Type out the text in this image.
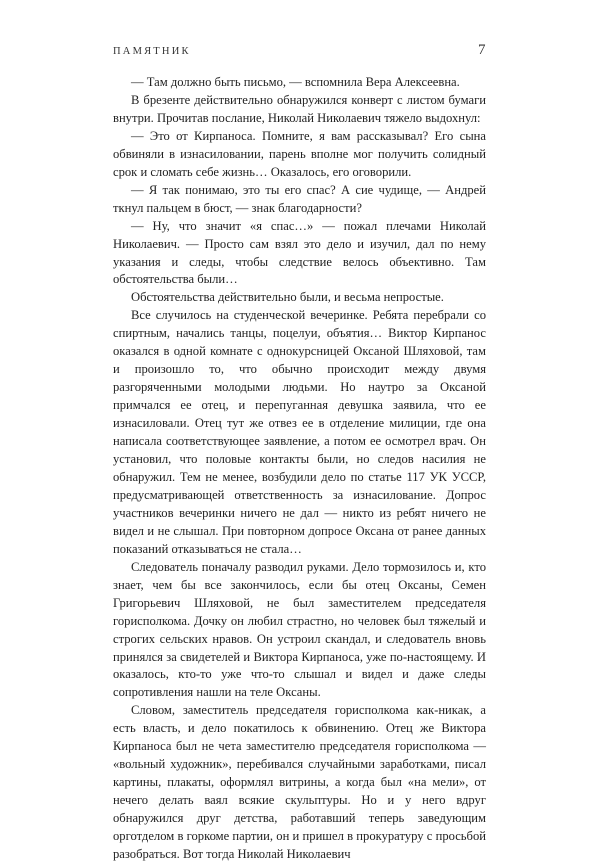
ПАМЯТНИК	7

— Там должно быть письмо, — вспомнила Вера Алексеевна.

В брезенте действительно обнаружился конверт с листом бумаги внутри. Прочитав послание, Николай Николаевич тяжело выдохнул:

— Это от Кирпаноса. Помните, я вам рассказывал? Его сына обвиняли в изнасиловании, парень вполне мог получить солидный срок и сломать себе жизнь… Оказалось, его оговорили.

— Я так понимаю, это ты его спас? А сие чудище, — Андрей ткнул пальцем в бюст, — знак благодарности?

— Ну, что значит «я спас…» — пожал плечами Николай Николаевич. — Просто сам взял это дело и изучил, дал по нему указания и следы, чтобы следствие велось объективно. Там обстоятельства были…

Обстоятельства действительно были, и весьма непростые.

Все случилось на студенческой вечеринке. Ребята перебрали со спиртным, начались танцы, поцелуи, объятия… Виктор Кирпанос оказался в одной комнате с однокурсницей Оксаной Шляховой, там и произошло то, что обычно происходит между двумя разгоряченными молодыми людьми. Но наутро за Оксаной примчался ее отец, и перепуганная девушка заявила, что ее изнасиловали. Отец тут же отвез ее в отделение милиции, где она написала соответствующее заявление, а потом ее осмотрел врач. Он установил, что половые контакты были, но следов насилия не обнаружил. Тем не менее, возбудили дело по статье 117 УК УССР, предусматривающей ответственность за изнасилование. Допрос участников вечеринки ничего не дал — никто из ребят ничего не видел и не слышал. При повторном допросе Оксана от ранее данных показаний отказываться не стала…

Следователь поначалу разводил руками. Дело тормозилось и, кто знает, чем бы все закончилось, если бы отец Оксаны, Семен Григорьевич Шляховой, не был заместителем председателя горисполкома. Дочку он любил страстно, но человек был тяжелый и строгих сельских нравов. Он устроил скандал, и следователь вновь принялся за свидетелей и Виктора Кирпаноса, уже по-настоящему. И оказалось, кто-то уже что-то слышал и видел и даже следы сопротивления нашли на теле Оксаны.

Словом, заместитель председателя горисполкома как-никак, а есть власть, и дело покатилось к обвинению. Отец же Виктора Кирпаноса был не чета заместителю председателя горисполкома — «вольный художник», перебивался случайными заработками, писал картины, плакаты, оформлял витрины, а когда был «на мели», от нечего делать ваял всякие скульптуры. Но и у него вдруг обнаружился друг детства, работавший теперь заведующим орготделом в горкоме партии, он и пришел в прокуратуру с просьбой разобраться. Вот тогда Николай Николаевич
